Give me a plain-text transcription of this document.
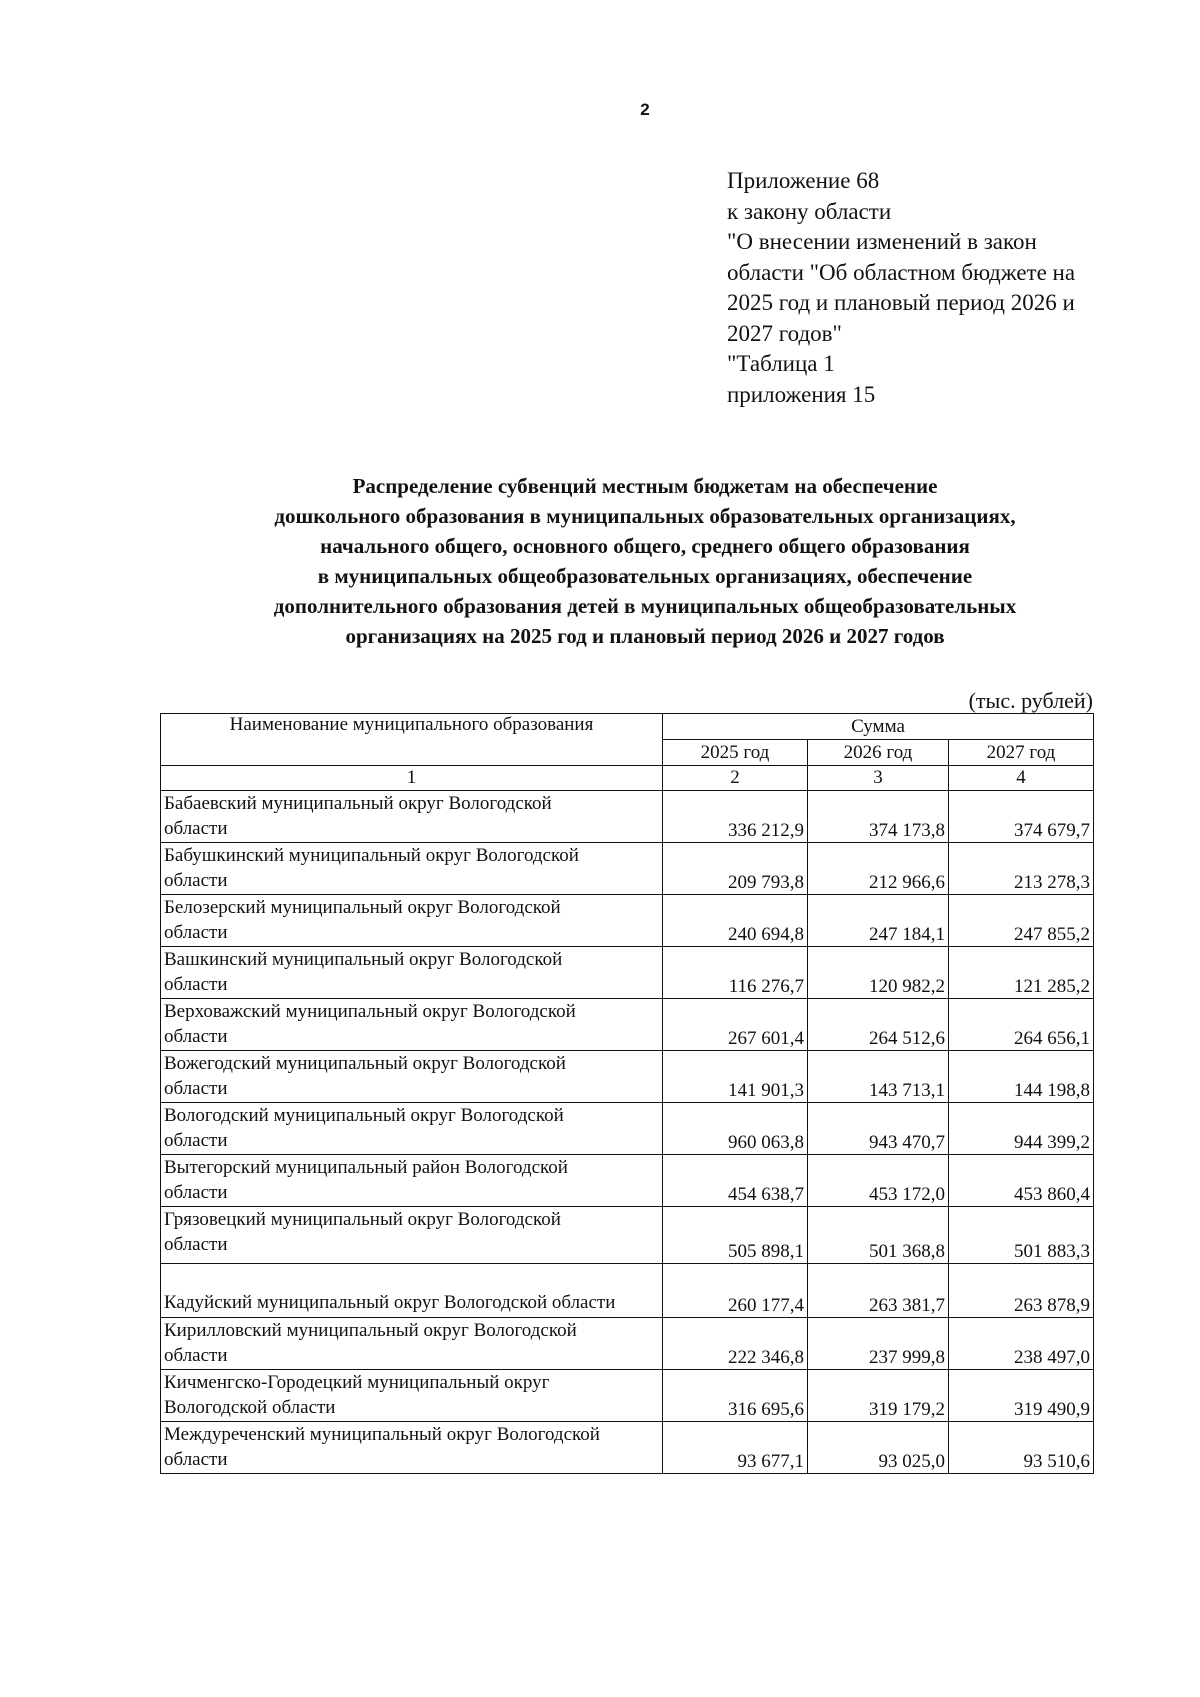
2
Приложение 68
к закону области
"О внесении изменений в закон
области "Об областном бюджете на
2025 год и плановый период 2026 и
2027 годов"
"Таблица 1
приложения 15
Распределение субвенций местным бюджетам на обеспечение
дошкольного образования в муниципальных образовательных организациях,
начального общего, основного общего, среднего общего образования
в муниципальных общеобразовательных организациях, обеспечение
дополнительного образования детей в муниципальных общеобразовательных
организациях на 2025 год и плановый период 2026 и 2027 годов
(тыс. рублей)
Наименование муниципального образования	Сумма		
	2025 год	2026 год	2027 год
1	2	3	4
Бабаевский муниципальный округ Вологодской
области	336 212,9	374 173,8	374 679,7
Бабушкинский муниципальный округ Вологодской
области	209 793,8	212 966,6	213 278,3
Белозерский муниципальный округ Вологодской
области	240 694,8	247 184,1	247 855,2
Вашкинский муниципальный округ Вологодской
области	116 276,7	120 982,2	121 285,2
Верховажский муниципальный округ Вологодской
области	267 601,4	264 512,6	264 656,1
Вожегодский муниципальный округ Вологодской
области	141 901,3	143 713,1	144 198,8
Вологодский муниципальный округ Вологодской
области	960 063,8	943 470,7	944 399,2
Вытегорский муниципальный район Вологодской
области	454 638,7	453 172,0	453 860,4
Грязовецкий муниципальный округ Вологодской
области	505 898,1	501 368,8	501 883,3
Кадуйский муниципальный округ Вологодской области	260 177,4	263 381,7	263 878,9
Кирилловский муниципальный округ Вологодской
области	222 346,8	237 999,8	238 497,0
Кичменгско-Городецкий муниципальный округ
Вологодской области	316 695,6	319 179,2	319 490,9
Междуреченский муниципальный округ Вологодской
области	93 677,1	93 025,0	93 510,6
